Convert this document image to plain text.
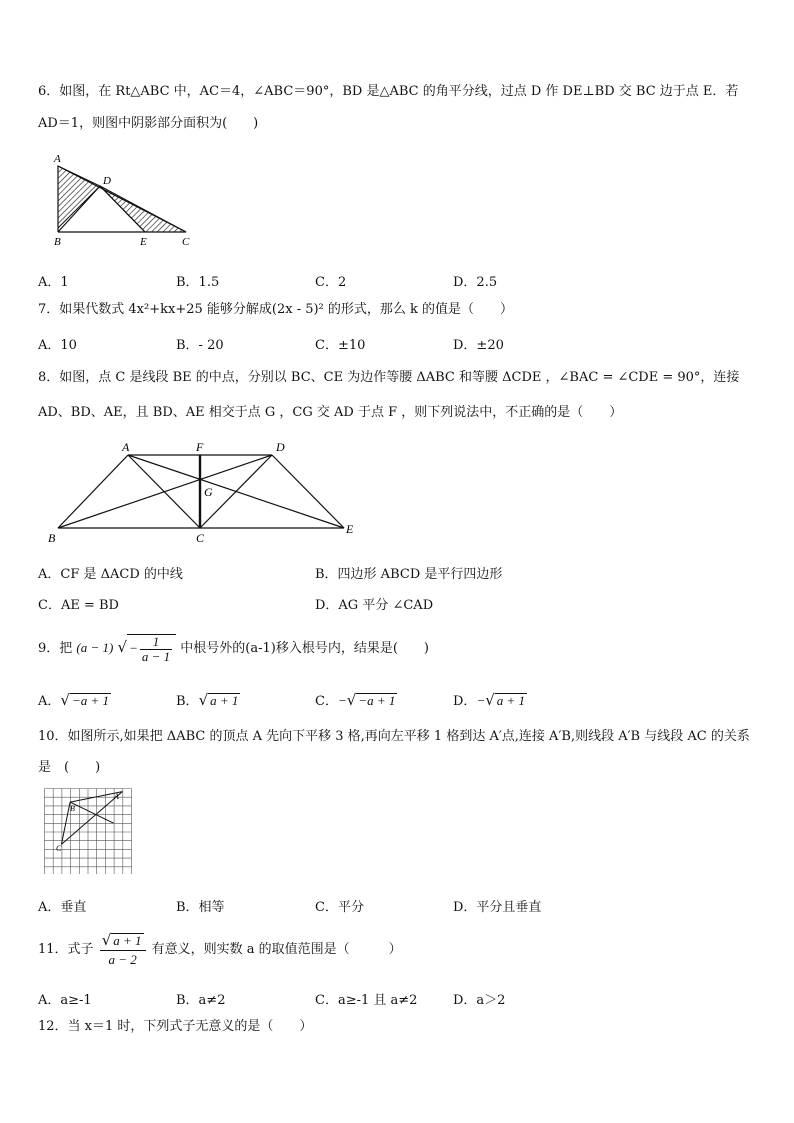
6．如图，在 Rt△ABC 中，AC＝4，∠ABC＝90°，BD 是△ABC 的角平分线，过点 D 作 DE⊥BD 交 BC 边于点 E．若
AD＝1，则图中阴影部分面积为(　　)
A
D
B	E	C
A．1	B．1.5	C．2	D．2.5
7．如果代数式 4x²+kx+25 能够分解成(2x - 5)² 的形式，那么 k 的值是（　　）
A．10	B．- 20	C．±10	D．±20
8．如图，点 C 是线段 BE 的中点，分别以 BC、CE 为边作等腰 ΔABC 和等腰 ΔCDE ，∠BAC = ∠CDE = 90°，连接
AD、BD、AE，且 BD、AE 相交于点 G ，CG 交 AD 于点 F ，则下列说法中，不正确的是（　　）
A	F	D
G
B	C
E
A．CF 是 ΔACD 的中线	B．四边形 ABCD 是平行四边形
C．AE = BD	D．AG 平分 ∠CAD
9．把 (a − 1) √ − $\frac{1}{a - 1}$ 中根号外的(a-1)移入根号内，结果是(　　)
A．√ −a + 1	B．√ a + 1	C．−√ −a + 1	D．−√ a + 1
10．如图所示,如果把 ΔABC 的顶点 A 先向下平移 3 格,再向左平移 1 格到达 A′点,连接 A′B,则线段 A′B 与线段 AC 的关系
是　(　　)
A
B
C
A．垂直	B．相等	C．平分	D．平分且垂直
11．式子 $\frac{√ a + 1}{a - 2}$ 有意义，则实数 a 的取值范围是（　　　）
A．a≥-1	B．a≠2	C．a≥-1 且 a≠2	D．a＞2
12．当 x＝1 时，下列式子无意义的是（　　）
